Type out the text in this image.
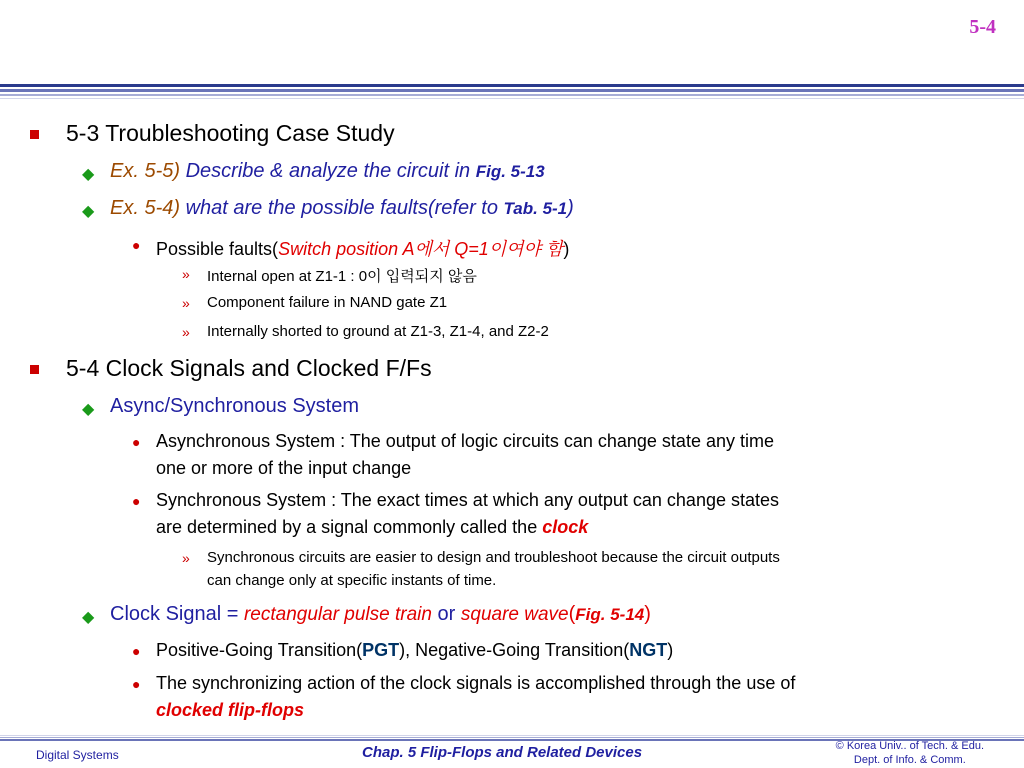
5-4
5-3 Troubleshooting Case Study
◆ Ex. 5-5) Describe & analyze the circuit in Fig. 5-13
◆ Ex. 5-4) what are the possible faults(refer to Tab. 5-1)
● Possible faults(Switch position A에서 Q=1이여야 함)
» Internal open at Z1-1 : 0이 입력되지 않음
» Component failure in NAND gate Z1
» Internally shorted to ground at Z1-3, Z1-4, and Z2-2
5-4 Clock Signals and Clocked F/Fs
◆ Async/Synchronous System
● Asynchronous System : The output of logic circuits can change state any time
one or more of the input change
● Synchronous System : The exact times at which any output can change states
are determined by a signal commonly called the clock
» Synchronous circuits are easier to design and troubleshoot because the circuit outputs
can change only at specific instants of time.
◆ Clock Signal = rectangular pulse train or square wave(Fig. 5-14)
● Positive-Going Transition(PGT), Negative-Going Transition(NGT)
● The synchronizing action of the clock signals is accomplished through the use of
clocked flip-flops
Digital Systems	Chap. 5 Flip-Flops and Related Devices	© Korea Univ.. of Tech. & Edu.
Dept. of Info. & Comm.
